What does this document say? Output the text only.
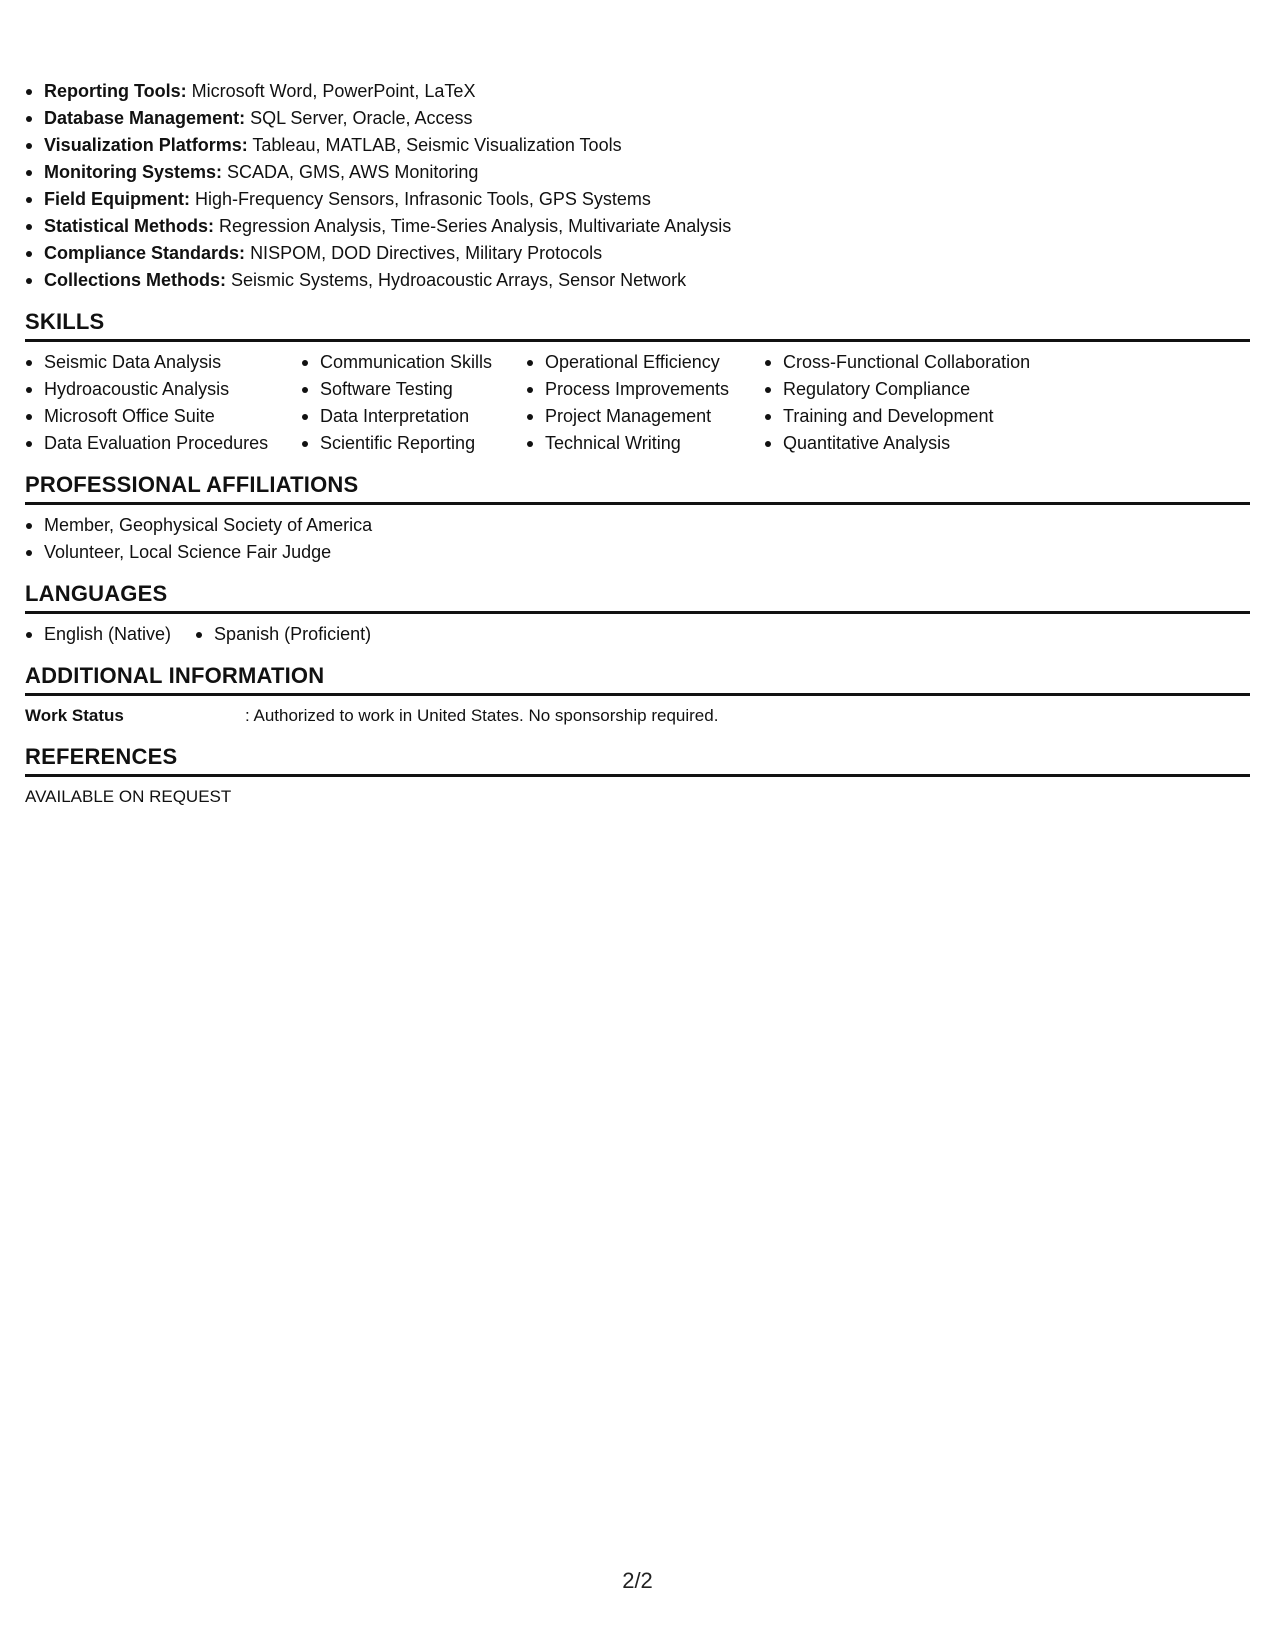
Reporting Tools: Microsoft Word, PowerPoint, LaTeX
Database Management: SQL Server, Oracle, Access
Visualization Platforms: Tableau, MATLAB, Seismic Visualization Tools
Monitoring Systems: SCADA, GMS, AWS Monitoring
Field Equipment: High-Frequency Sensors, Infrasonic Tools, GPS Systems
Statistical Methods: Regression Analysis, Time-Series Analysis, Multivariate Analysis
Compliance Standards: NISPOM, DOD Directives, Military Protocols
Collections Methods: Seismic Systems, Hydroacoustic Arrays, Sensor Network
SKILLS
Seismic Data Analysis
Hydroacoustic Analysis
Microsoft Office Suite
Data Evaluation Procedures
Communication Skills
Software Testing
Data Interpretation
Scientific Reporting
Operational Efficiency
Process Improvements
Project Management
Technical Writing
Cross-Functional Collaboration
Regulatory Compliance
Training and Development
Quantitative Analysis
PROFESSIONAL AFFILIATIONS
Member, Geophysical Society of America
Volunteer, Local Science Fair Judge
LANGUAGES
English (Native)	Spanish (Proficient)
ADDITIONAL INFORMATION
Work Status	: Authorized to work in United States. No sponsorship required.
REFERENCES
AVAILABLE ON REQUEST
2/2
